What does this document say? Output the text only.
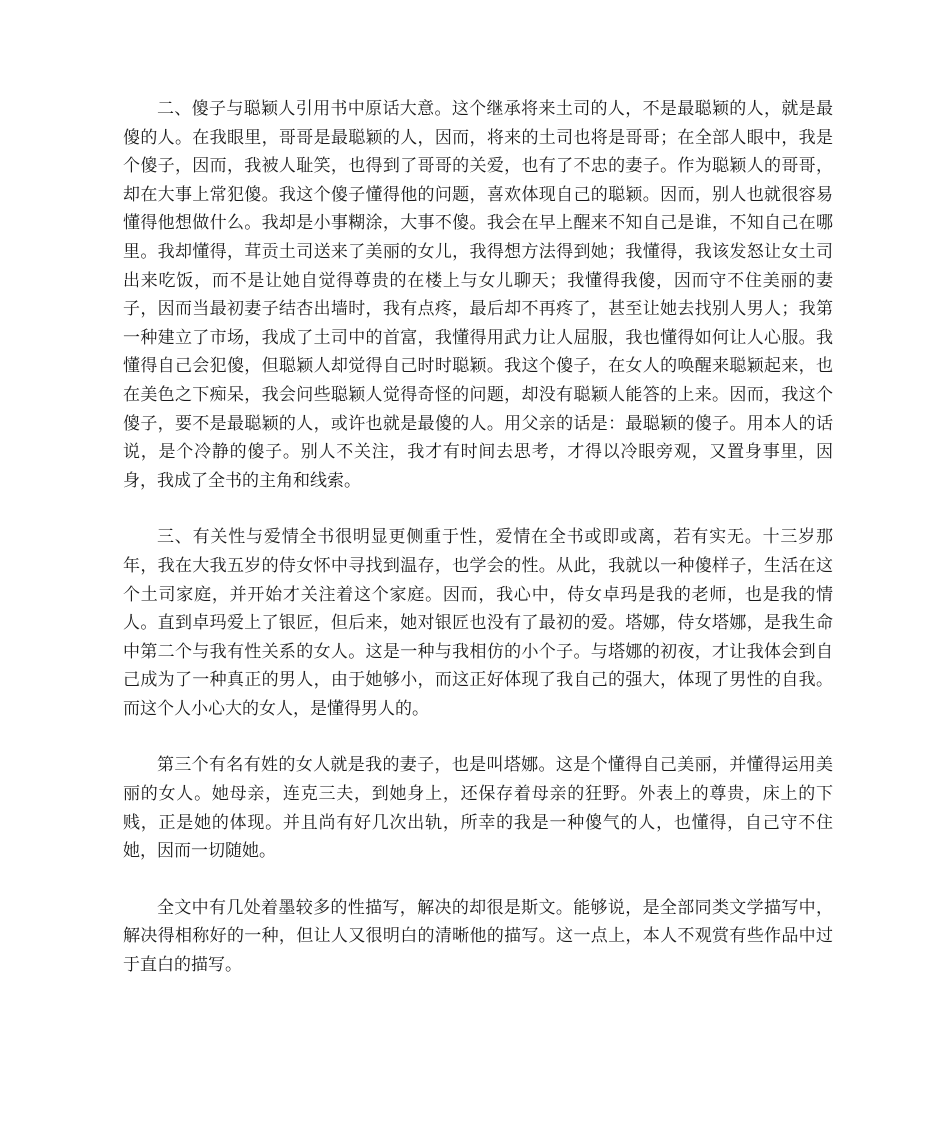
二、傻子与聪颖人引用书中原话大意。这个继承将来土司的人，不是最聪颖的人，就是最傻的人。在我眼里，哥哥是最聪颖的人，因而，将来的土司也将是哥哥；在全部人眼中，我是个傻子，因而，我被人耻笑，也得到了哥哥的关爱，也有了不忠的妻子。作为聪颖人的哥哥，却在大事上常犯傻。我这个傻子懂得他的问题，喜欢体现自己的聪颖。因而，别人也就很容易懂得他想做什么。我却是小事糊涂，大事不傻。我会在早上醒来不知自己是谁，不知自己在哪里。我却懂得，茸贡土司送来了美丽的女儿，我得想方法得到她；我懂得，我该发怒让女土司出来吃饭，而不是让她自觉得尊贵的在楼上与女儿聊天；我懂得我傻，因而守不住美丽的妻子，因而当最初妻子结杏出墙时，我有点疼，最后却不再疼了，甚至让她去找别人男人；我第一种建立了市场，我成了土司中的首富，我懂得用武力让人屈服，我也懂得如何让人心服。我懂得自己会犯傻，但聪颖人却觉得自己时时聪颖。我这个傻子，在女人的唤醒来聪颖起来，也在美色之下痴呆，我会问些聪颖人觉得奇怪的问题，却没有聪颖人能答的上来。因而，我这个傻子，要不是最聪颖的人，或许也就是最傻的人。用父亲的话是：最聪颖的傻子。用本人的话说，是个冷静的傻子。别人不关注，我才有时间去思考，才得以冷眼旁观，又置身事里，因身，我成了全书的主角和线索。

三、有关性与爱情全书很明显更侧重于性，爱情在全书或即或离，若有实无。十三岁那年，我在大我五岁的侍女怀中寻找到温存，也学会的性。从此，我就以一种傻样子，生活在这个土司家庭，并开始才关注着这个家庭。因而，我心中，侍女卓玛是我的老师，也是我的情人。直到卓玛爱上了银匠，但后来，她对银匠也没有了最初的爱。塔娜，侍女塔娜，是我生命中第二个与我有性关系的女人。这是一种与我相仿的小个子。与塔娜的初夜，才让我体会到自己成为了一种真正的男人，由于她够小，而这正好体现了我自己的强大，体现了男性的自我。而这个人小心大的女人，是懂得男人的。

第三个有名有姓的女人就是我的妻子，也是叫塔娜。这是个懂得自己美丽，并懂得运用美丽的女人。她母亲，连克三夫，到她身上，还保存着母亲的狂野。外表上的尊贵，床上的下贱，正是她的体现。并且尚有好几次出轨，所幸的我是一种傻气的人，也懂得，自己守不住她，因而一切随她。

全文中有几处着墨较多的性描写，解决的却很是斯文。能够说，是全部同类文学描写中，解决得相称好的一种，但让人又很明白的清晰他的描写。这一点上，本人不观赏有些作品中过于直白的描写。
